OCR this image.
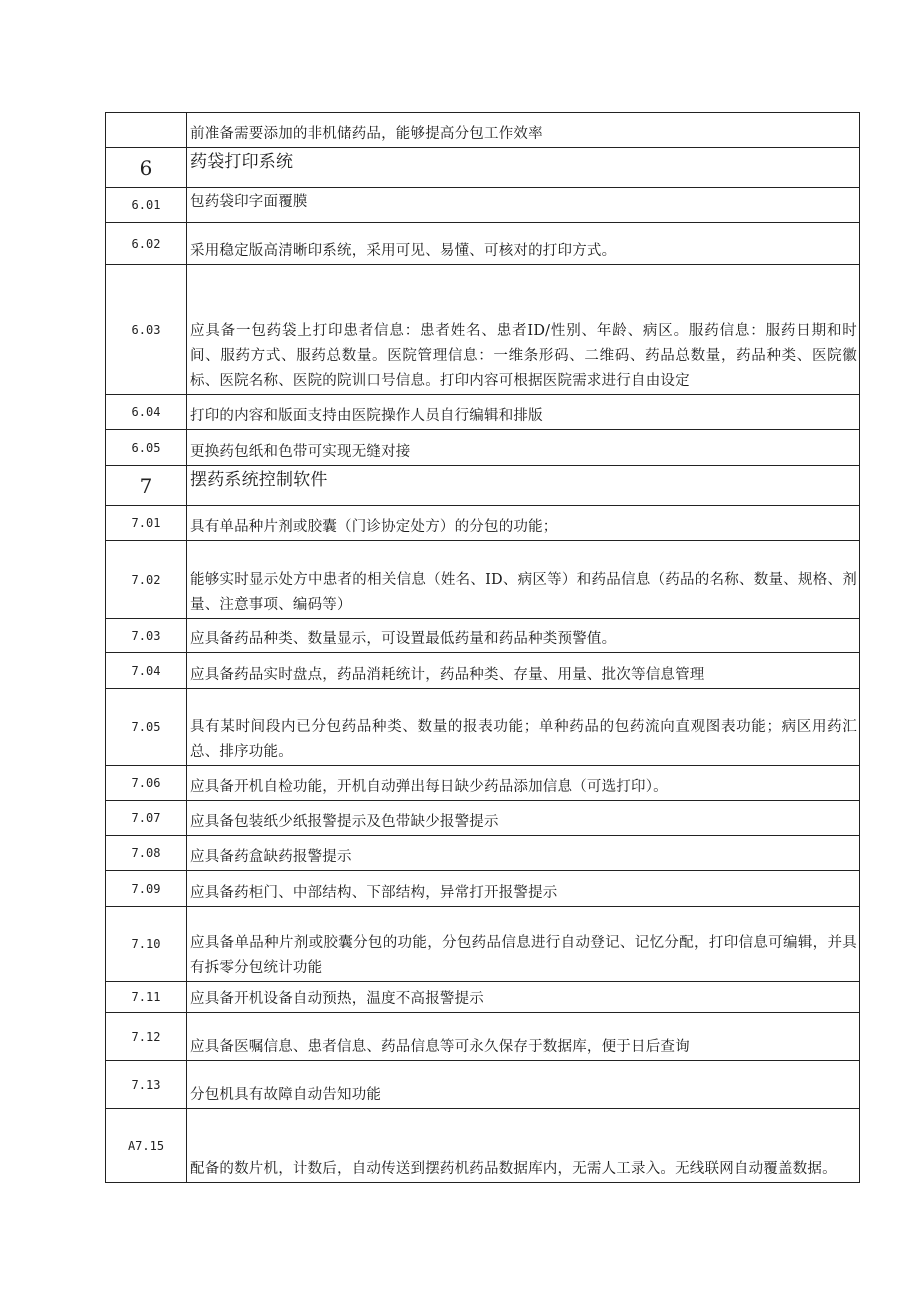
	前准备需要添加的非机储药品，能够提高分包工作效率
6	药袋打印系统
6.01	包药袋印字面覆膜
6.02	采用稳定版高清晰印系统，采用可见、易懂、可核对的打印方式。
6.03	应具备一包药袋上打印患者信息：患者姓名、患者ID/性别、年龄、病区。服药信息：服药日期和时间、服药方式、服药总数量。医院管理信息：一维条形码、二维码、药品总数量，药品种类、医院徽标、医院名称、医院的院训口号信息。打印内容可根据医院需求进行自由设定
6.04	打印的内容和版面支持由医院操作人员自行编辑和排版
6.05	更换药包纸和色带可实现无缝对接
7	摆药系统控制软件
7.01	具有单品种片剂或胶囊（门诊协定处方）的分包的功能；
7.02	能够实时显示处方中患者的相关信息（姓名、ID、病区等）和药品信息（药品的名称、数量、规格、剂量、注意事项、编码等）
7.03	应具备药品种类、数量显示，可设置最低药量和药品种类预警值。
7.04	应具备药品实时盘点，药品消耗统计，药品种类、存量、用量、批次等信息管理
7.05	具有某时间段内已分包药品种类、数量的报表功能；单种药品的包药流向直观图表功能；病区用药汇总、排序功能。
7.06	应具备开机自检功能，开机自动弹出每日缺少药品添加信息（可选打印）。
7.07	应具备包装纸少纸报警提示及色带缺少报警提示
7.08	应具备药盒缺药报警提示
7.09	应具备药柜门、中部结构、下部结构，异常打开报警提示
7.10	应具备单品种片剂或胶囊分包的功能，分包药品信息进行自动登记、记忆分配，打印信息可编辑，并具有拆零分包统计功能
7.11	应具备开机设备自动预热，温度不高报警提示
7.12	应具备医嘱信息、患者信息、药品信息等可永久保存于数据库，便于日后查询
7.13	分包机具有故障自动告知功能
A7.15	配备的数片机，计数后，自动传送到摆药机药品数据库内，无需人工录入。无线联网自动覆盖数据。
